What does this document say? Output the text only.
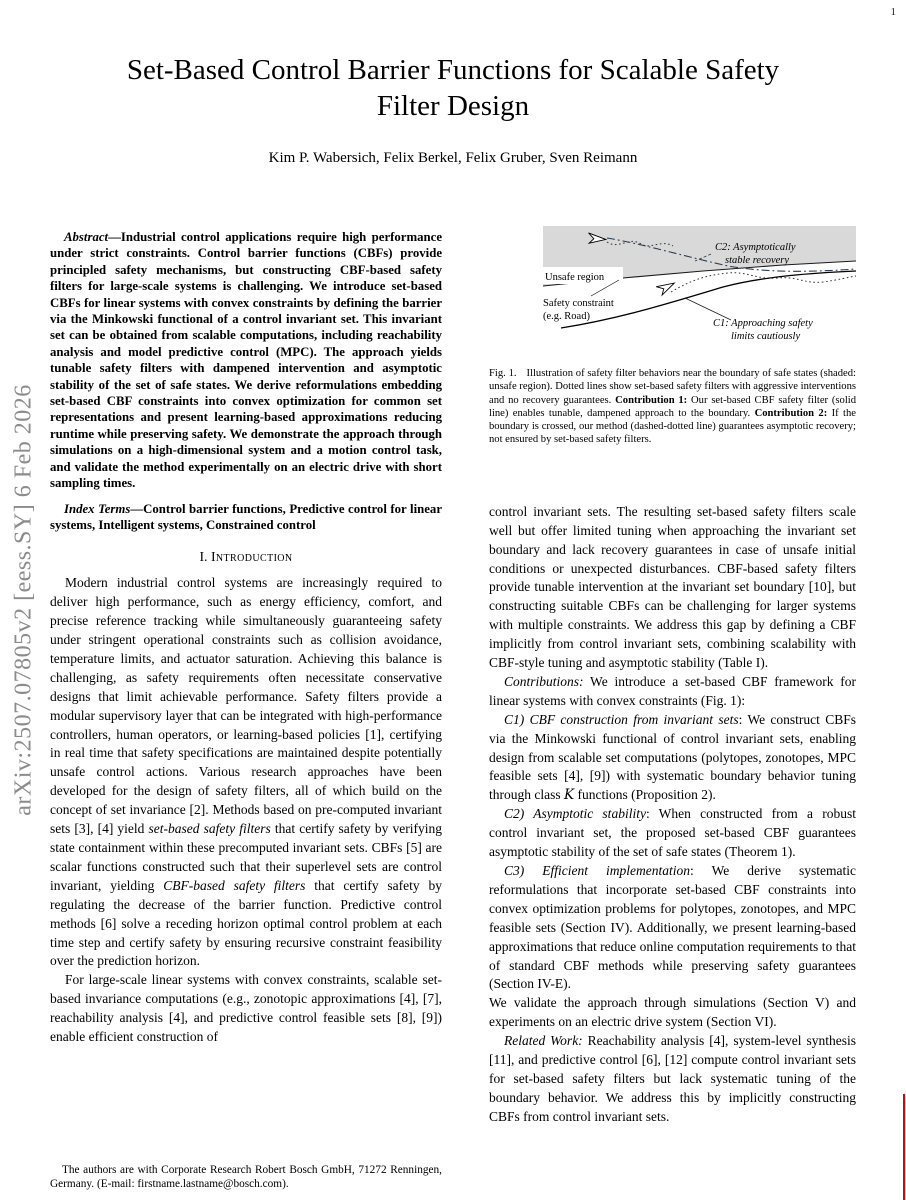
1
arXiv:2507.07805v2 [eess.SY] 6 Feb 2026
Set-Based Control Barrier Functions for Scalable Safety Filter Design
Kim P. Wabersich, Felix Berkel, Felix Gruber, Sven Reimann

Abstract—Industrial control applications require high performance under strict constraints. Control barrier functions (CBFs) provide principled safety mechanisms, but constructing CBF-based safety filters for large-scale systems is challenging. We introduce set-based CBFs for linear systems with convex constraints by defining the barrier via the Minkowski functional of a control invariant set. This invariant set can be obtained from scalable computations, including reachability analysis and model predictive control (MPC). The approach yields tunable safety filters with dampened intervention and asymptotic stability of the set of safe states. We derive reformulations embedding set-based CBF constraints into convex optimization for common set representations and present learning-based approximations reducing runtime while preserving safety. We demonstrate the approach through simulations on a high-dimensional system and a motion control task, and validate the method experimentally on an electric drive with short sampling times.

Index Terms—Control barrier functions, Predictive control for linear systems, Intelligent systems, Constrained control

I. Introduction

Modern industrial control systems are increasingly required to deliver high performance, such as energy efficiency, comfort, and precise reference tracking while simultaneously guaranteeing safety under stringent operational constraints such as collision avoidance, temperature limits, and actuator saturation. Achieving this balance is challenging, as safety requirements often necessitate conservative designs that limit achievable performance. Safety filters provide a modular supervisory layer that can be integrated with high-performance controllers, human operators, or learning-based policies [1], certifying in real time that safety specifications are maintained despite potentially unsafe control actions. Various research approaches have been developed for the design of safety filters, all of which build on the concept of set invariance [2]. Methods based on pre-computed invariant sets [3], [4] yield set-based safety filters that certify safety by verifying state containment within these precomputed invariant sets. CBFs [5] are scalar functions constructed such that their superlevel sets are control invariant, yielding CBF-based safety filters that certify safety by regulating the decrease of the barrier function. Predictive control methods [6] solve a receding horizon optimal control problem at each time step and certify safety by ensuring recursive constraint feasibility over the prediction horizon.

For large-scale linear systems with convex constraints, scalable set-based invariance computations (e.g., zonotopic approximations [4], [7], reachability analysis [4], and predictive control feasible sets [8], [9]) enable efficient construction of

Unsafe region
C2: Asymptotically
stable recovery
Safety constraint
(e.g. Road)
C1: Approaching safety
limits cautiously

Fig. 1. Illustration of safety filter behaviors near the boundary of safe states (shaded: unsafe region). Dotted lines show set-based safety filters with aggressive interventions and no recovery guarantees. Contribution 1: Our set-based CBF safety filter (solid line) enables tunable, dampened approach to the boundary. Contribution 2: If the boundary is crossed, our method (dashed-dotted line) guarantees asymptotic recovery; not ensured by set-based safety filters.

control invariant sets. The resulting set-based safety filters scale well but offer limited tuning when approaching the invariant set boundary and lack recovery guarantees in case of unsafe initial conditions or unexpected disturbances. CBF-based safety filters provide tunable intervention at the invariant set boundary [10], but constructing suitable CBFs can be challenging for larger systems with multiple constraints. We address this gap by defining a CBF implicitly from control invariant sets, combining scalability with CBF-style tuning and asymptotic stability (Table I).

Contributions: We introduce a set-based CBF framework for linear systems with convex constraints (Fig. 1):

C1) CBF construction from invariant sets: We construct CBFs via the Minkowski functional of control invariant sets, enabling design from scalable set computations (polytopes, zonotopes, MPC feasible sets [4], [9]) with systematic boundary behavior tuning through class K functions (Proposition 2).

C2) Asymptotic stability: When constructed from a robust control invariant set, the proposed set-based CBF guarantees asymptotic stability of the set of safe states (Theorem 1).

C3) Efficient implementation: We derive systematic reformulations that incorporate set-based CBF constraints into convex optimization problems for polytopes, zonotopes, and MPC feasible sets (Section IV). Additionally, we present learning-based approximations that reduce online computation requirements to that of standard CBF methods while preserving safety guarantees (Section IV-E).

We validate the approach through simulations (Section V) and experiments on an electric drive system (Section VI).

Related Work: Reachability analysis [4], system-level synthesis [11], and predictive control [6], [12] compute control invariant sets for set-based safety filters but lack systematic tuning of the boundary behavior. We address this by implicitly constructing CBFs from control invariant sets.

The authors are with Corporate Research Robert Bosch GmbH, 71272 Renningen, Germany. (E-mail: firstname.lastname@bosch.com).
